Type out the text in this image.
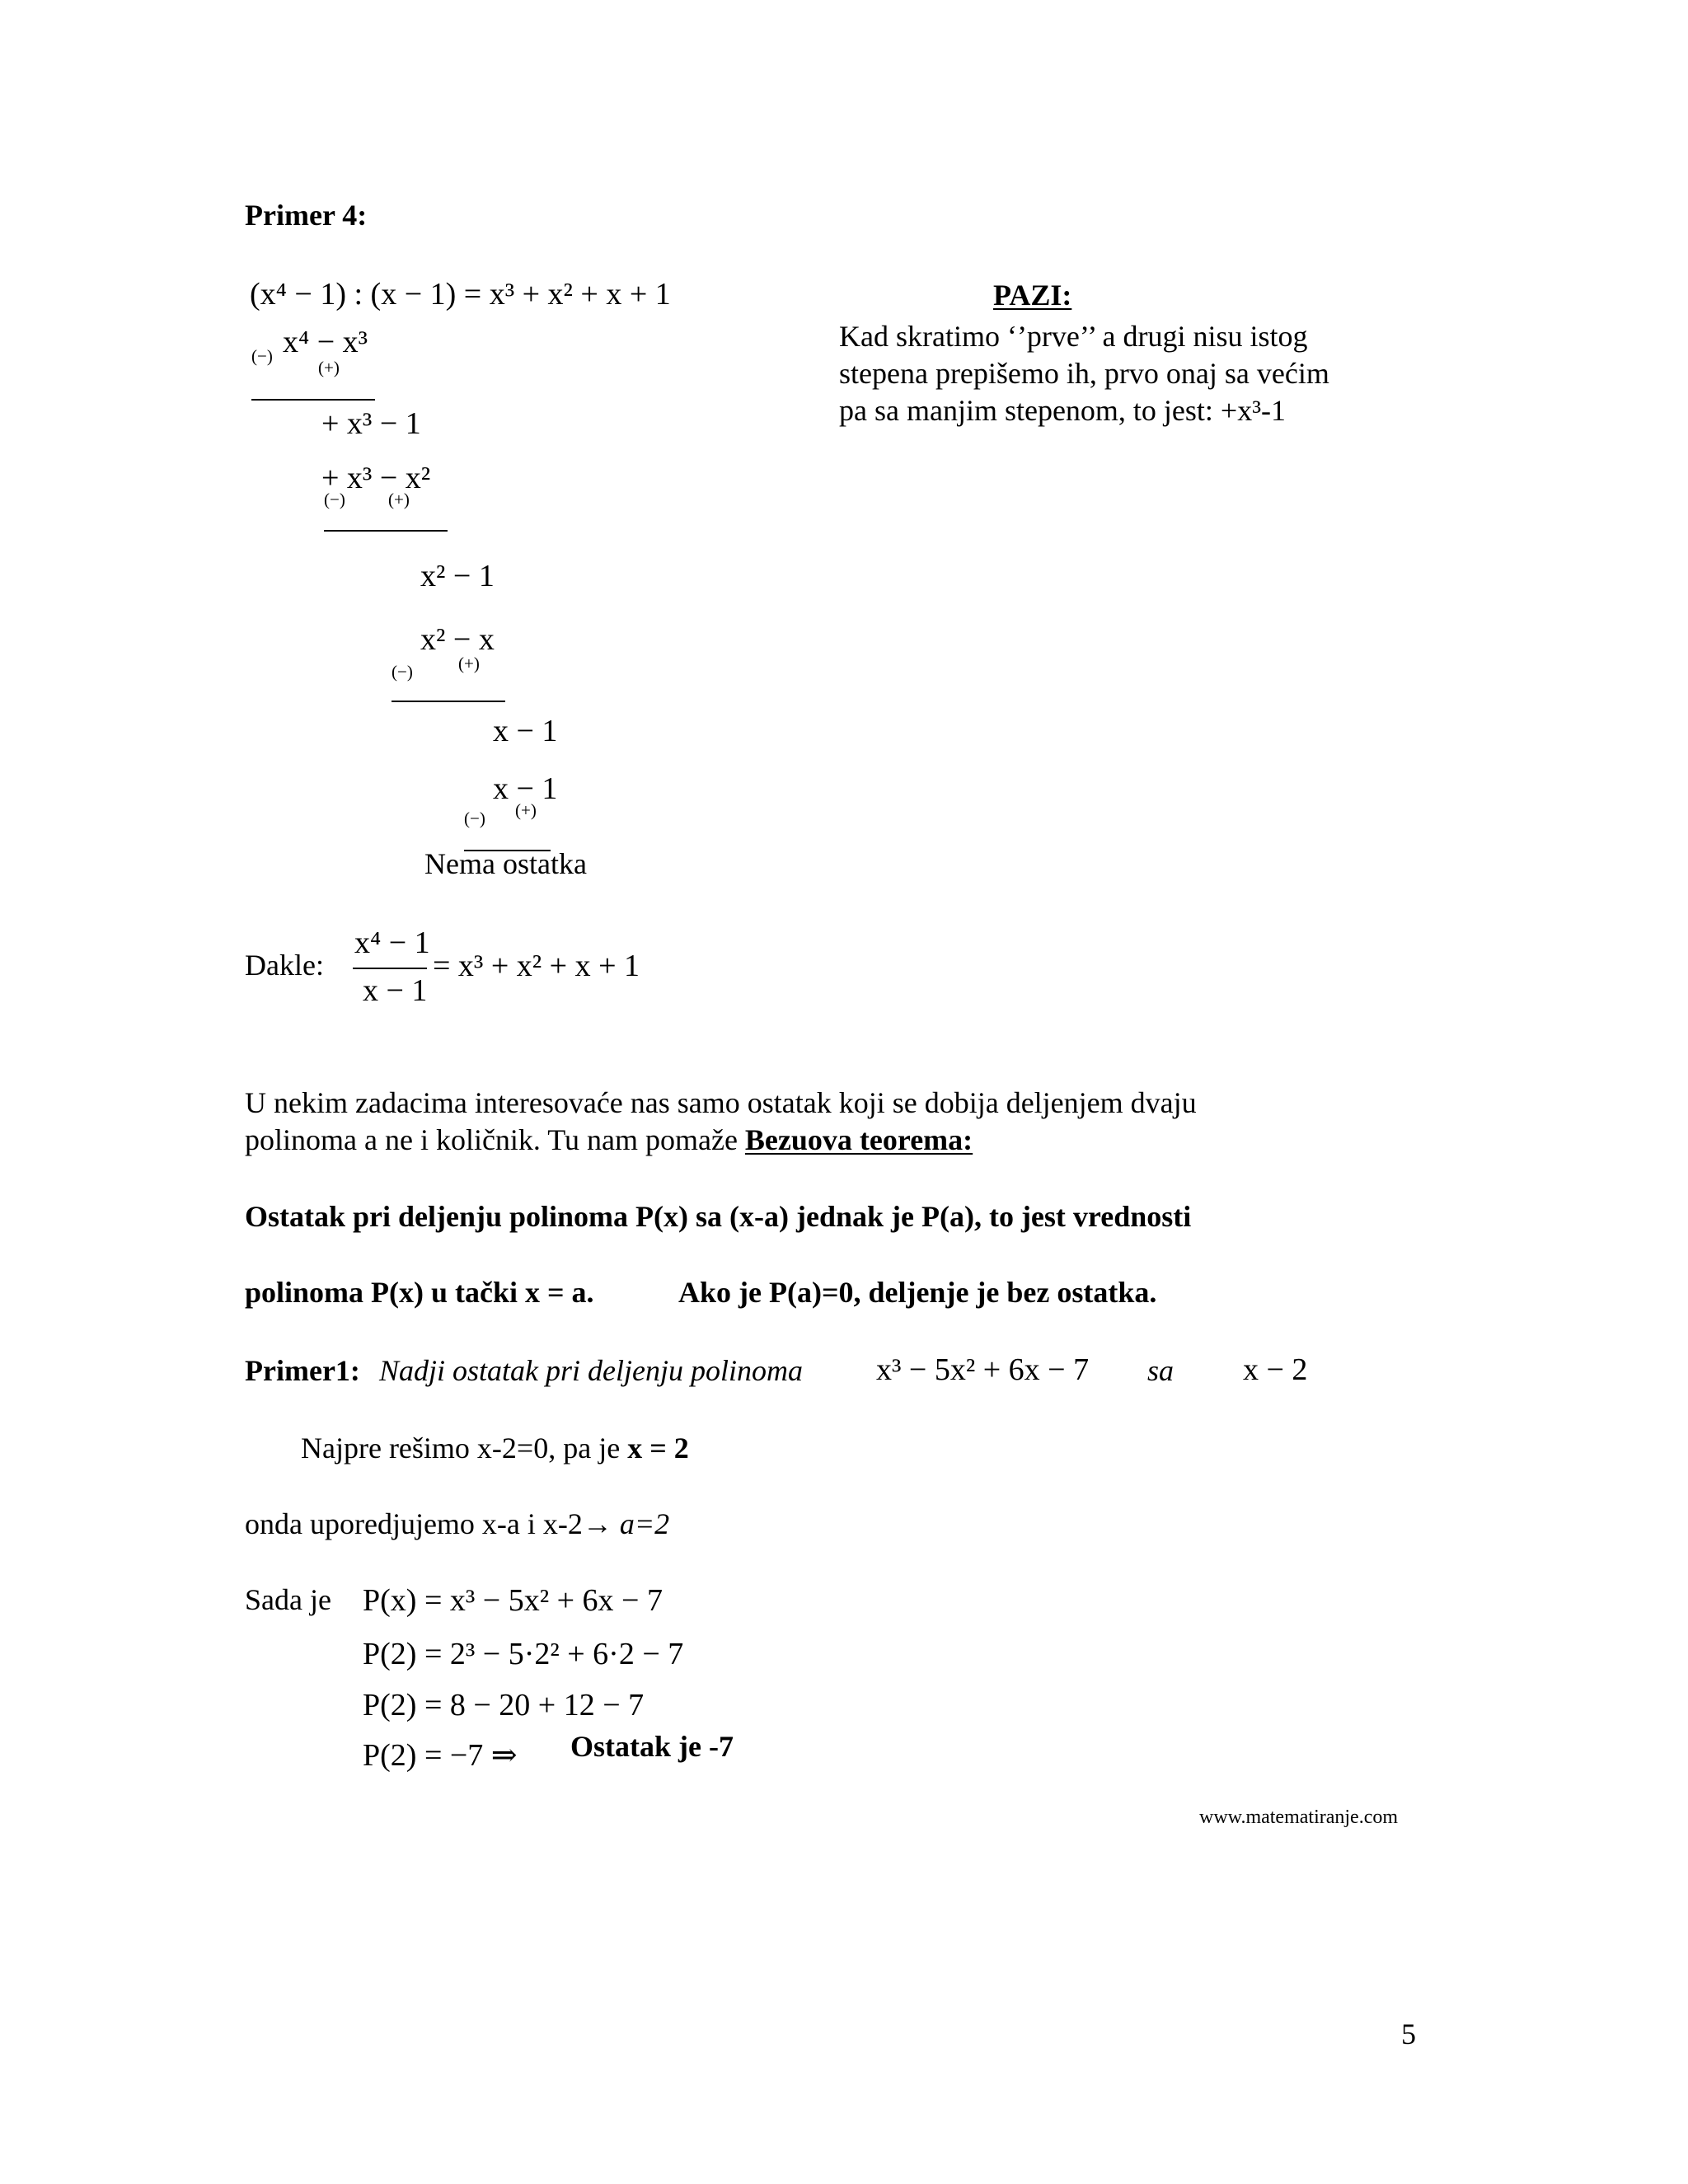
Primer 4:
(x⁴ − 1) : (x − 1) = x³ + x² + x + 1
(−) x⁴ − x³
(+)
+ x³ − 1
+ x³ − x²
(−) (+)
x² − 1
x² − x
(−)	(+)
x − 1
x − 1
(−) (+)
Nema ostatka
PAZI:
Kad skratimo ‘’prve’’ a drugi nisu istog
stepena prepišemo ih, prvo onaj sa većim
pa sa manjim stepenom, to jest: +x³-1
Dakle:
x⁴ − 1
x − 1
= x³ + x² + x + 1
U nekim zadacima interesovaće nas samo ostatak koji se dobija deljenjem dvaju
polinoma a ne i količnik. Tu nam pomaže Bezuova teorema:
Ostatak pri deljenju polinoma P(x) sa (x-a) jednak je P(a), to jest vrednosti
polinoma P(x) u tački x = a.	Ako je P(a)=0, deljenje je bez ostatka.
Primer1: Nadji ostatak pri deljenju polinoma x³ − 5x² + 6x − 7 sa x − 2
Najpre rešimo x-2=0, pa je x = 2
onda uporedjujemo x-a i x-2→ a=2
Sada je P(x) = x³ − 5x² + 6x − 7
P(2) = 2³ − 5·2² + 6·2 − 7
P(2) = 8 − 20 + 12 − 7
P(2) = −7 ⇒ Ostatak je -7
www.matematiranje.com
5
